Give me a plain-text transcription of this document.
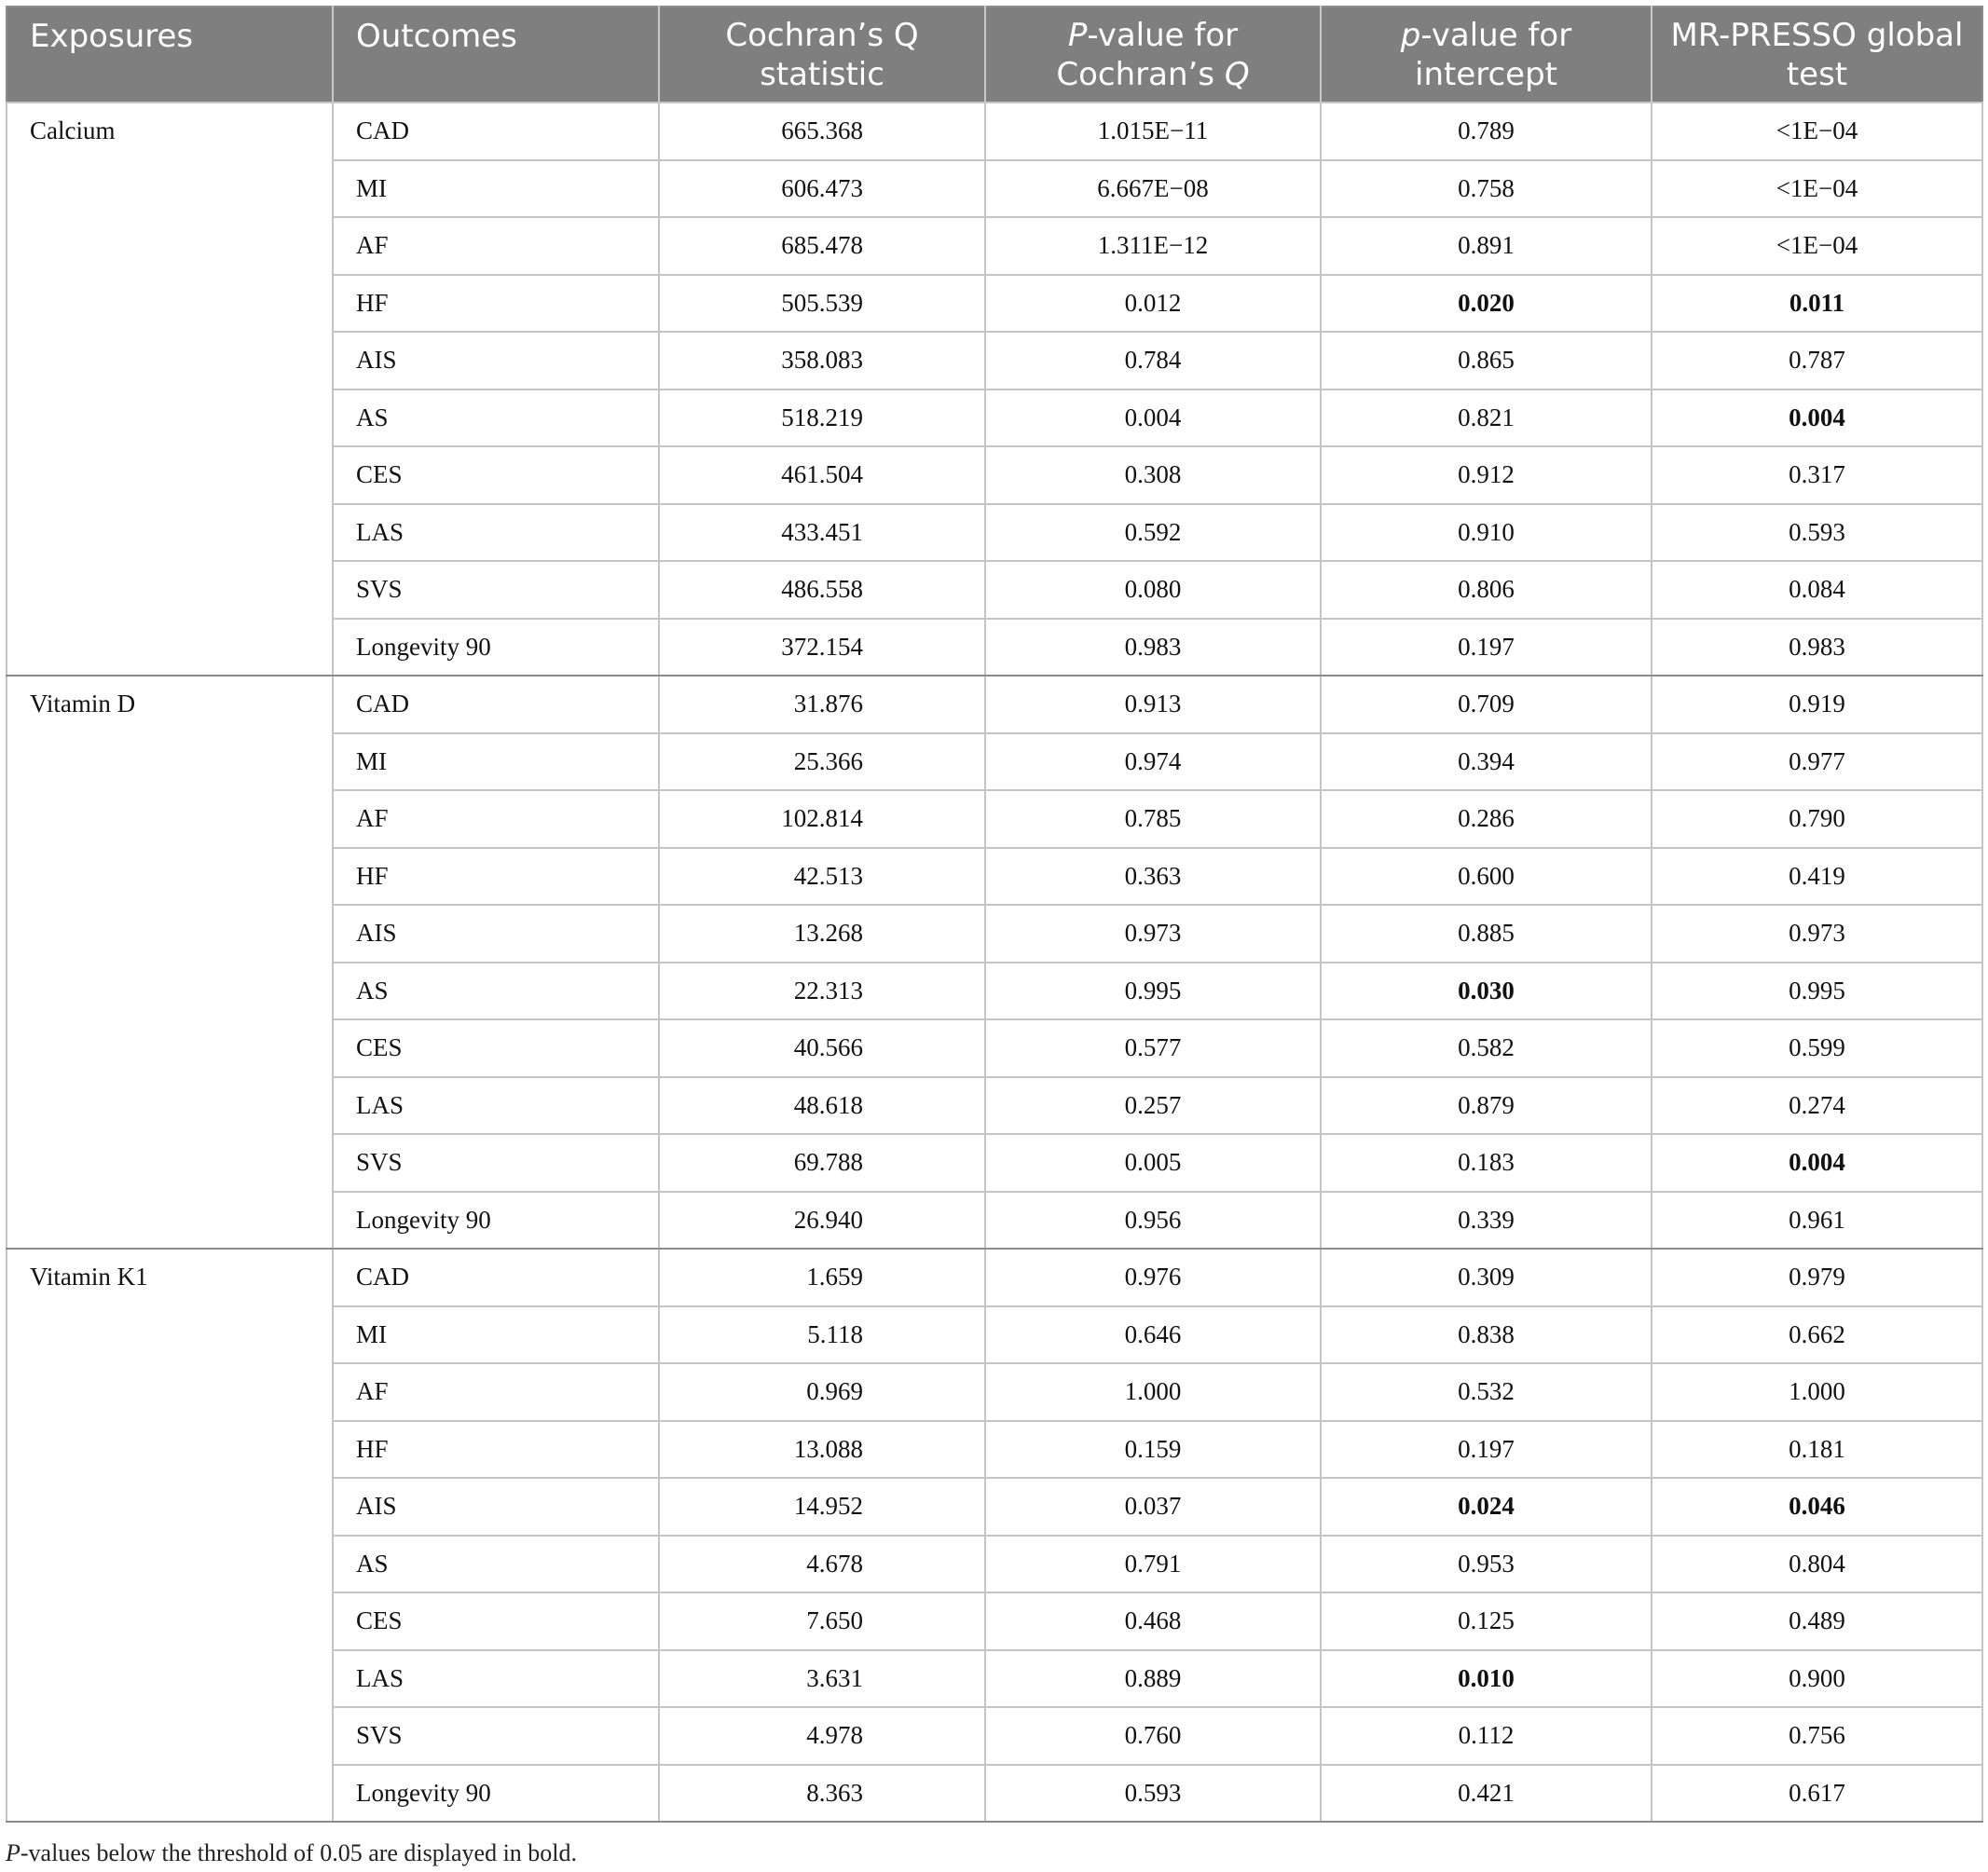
Exposures	Outcomes	Cochran’s Q statistic	P-value for Cochran’s Q	p-value for intercept	MR-PRESSO global test
Calcium	CAD	665.368	1.015E−11	0.789	<1E−04
	MI	606.473	6.667E−08	0.758	<1E−04
	AF	685.478	1.311E−12	0.891	<1E−04
	HF	505.539	0.012	0.020	0.011
	AIS	358.083	0.784	0.865	0.787
	AS	518.219	0.004	0.821	0.004
	CES	461.504	0.308	0.912	0.317
	LAS	433.451	0.592	0.910	0.593
	SVS	486.558	0.080	0.806	0.084
	Longevity 90	372.154	0.983	0.197	0.983
Vitamin D	CAD	31.876	0.913	0.709	0.919
	MI	25.366	0.974	0.394	0.977
	AF	102.814	0.785	0.286	0.790
	HF	42.513	0.363	0.600	0.419
	AIS	13.268	0.973	0.885	0.973
	AS	22.313	0.995	0.030	0.995
	CES	40.566	0.577	0.582	0.599
	LAS	48.618	0.257	0.879	0.274
	SVS	69.788	0.005	0.183	0.004
	Longevity 90	26.940	0.956	0.339	0.961
Vitamin K1	CAD	1.659	0.976	0.309	0.979
	MI	5.118	0.646	0.838	0.662
	AF	0.969	1.000	0.532	1.000
	HF	13.088	0.159	0.197	0.181
	AIS	14.952	0.037	0.024	0.046
	AS	4.678	0.791	0.953	0.804
	CES	7.650	0.468	0.125	0.489
	LAS	3.631	0.889	0.010	0.900
	SVS	4.978	0.760	0.112	0.756
	Longevity 90	8.363	0.593	0.421	0.617
P-values below the threshold of 0.05 are displayed in bold.
